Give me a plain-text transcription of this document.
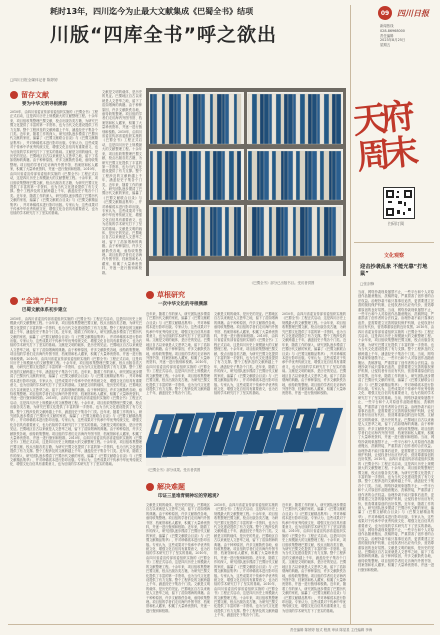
耗时13年，四川迄今为止最大文献集成《巴蜀全书》结项
川版“四库全书”呼之欲出
□四川日报全媒体记者 陈婷婷
09 四川日报
新闻热线
028-86968000
责任编辑
2023年8月25日
星期五
天府周末
扫码订阅
文化观察
迎击抄袭乱象 不能光靠“打地鼠”
□张剑锋
当前，网络抄袭现象屡禁不止，一些平台和个人对原创作品随意搬运、洗稿拼接，严重损害了创作者的合法权益。治理抄袭不能只靠事后追责，更需要建立完善的版权保护机制，让侵权者付出应有代价，营造尊重原创的良好氛围。当前，网络抄袭现象屡禁不止，一些平台和个人对原创作品随意搬运、洗稿拼接，严重损害了创作者的合法权益。治理抄袭不能只靠事后追责，更需要建立完善的版权保护机制，让侵权者付出应有代价，营造尊重原创的良好氛围。2010年，由四川省委宣传部省委组织实施的《巴蜀全书》工程正式启动，这是四川历史上规模最大的文献整理工程。十余年来，项目组收集整理巴蜀文献，校点出版各类古籍，为研究巴蜀文化提供了丰富的第一手资料，也为当代文化建设提供了有力支撑。整个工程涉及的文献跨越上千年，涵盖经史子集各个门类。当前，网络抄袭现象屡禁不止，一些平台和个人对原创作品随意搬运、洗稿拼接，严重损害了创作者的合法权益。治理抄袭不能只靠事后追责，更需要建立完善的版权保护机制，让侵权者付出应有代价，营造尊重原创的良好氛围。近年来，随着工作的深入，研究团队逐步摸清了巴蜀历代文献的家底，编纂了《巴蜀文献联合目录》与《巴蜀文献精品集萃》，并对珍稀孤本进行影印出版。专家认为，这些成果对于传承中华优秀传统文化、增强文化自信具有重要意义，也为后续的学术研究打下了坚实的基础。当前，网络抄袭现象屡禁不止，一些平台和个人对原创作品随意搬运、洗稿拼接，严重损害了创作者的合法权益。治理抄袭不能只靠事后追责，更需要建立完善的版权保护机制，让侵权者付出应有代价，营造尊重原创的良好氛围。文献是文明的载体，是历史的见证。巴蜀地区自古以来就是人文荟萃之地，留下了浩如烟海的典籍。由于种种原因，许多文献散佚各地，亟待收集整理。项目组的学者们走访海内外图书馆、档案馆和私人藏家，积累了大量珍贵资料，并逐一进行甄别和校勘。当前，网络抄袭现象屡禁不止，一些平台和个人对原创作品随意搬运、洗稿拼接，严重损害了创作者的合法权益。治理抄袭不能只靠事后追责，更需要建立完善的版权保护机制，让侵权者付出应有代价，营造尊重原创的良好氛围。2010年，由四川省委宣传部省委组织实施的《巴蜀全书》工程正式启动，这是四川历史上规模最大的文献整理工程。十余年来，项目组收集整理巴蜀文献，校点出版各类古籍，为研究巴蜀文化提供了丰富的第一手资料，也为当代文化建设提供了有力支撑。整个工程涉及的文献跨越上千年，涵盖经史子集各个门类。当前，网络抄袭现象屡禁不止，一些平台和个人对原创作品随意搬运、洗稿拼接，严重损害了创作者的合法权益。治理抄袭不能只靠事后追责，更需要建立完善的版权保护机制，让侵权者付出应有代价，营造尊重原创的良好氛围。近年来，随着工作的深入，研究团队逐步摸清了巴蜀历代文献的家底，编纂了《巴蜀文献联合目录》与《巴蜀文献精品集萃》，并对珍稀孤本进行影印出版。专家认为，这些成果对于传承中华优秀传统文化、增强文化自信具有重要意义，也为后续的学术研究打下了坚实的基础。当前，网络抄袭现象屡禁不止，一些平台和个人对原创作品随意搬运、洗稿拼接，严重损害了创作者的合法权益。治理抄袭不能只靠事后追责，更需要建立完善的版权保护机制，让侵权者付出应有代价，营造尊重原创的良好氛围。文献是文明的载体，是历史的见证。巴蜀地区自古以来就是人文荟萃之地，留下了浩如烟海的典籍。由于种种原因，许多文献散佚各地，亟待收集整理。项目组的学者们走访海内外图书馆、档案馆和私人藏家，积累了大量珍贵资料，并逐一进行甄别和校勘。
留存文献
要为中华文明寻根溯源
2010年，由四川省委宣传部省委组织实施的《巴蜀全书》工程正式启动，这是四川历史上规模最大的文献整理工程。十余年来，项目组收集整理巴蜀文献，校点出版各类古籍，为研究巴蜀文化提供了丰富的第一手资料，也为当代文化建设提供了有力支撑。整个工程涉及的文献跨越上千年，涵盖经史子集各个门类。近年来，随着工作的深入，研究团队逐步摸清了巴蜀历代文献的家底，编纂了《巴蜀文献联合目录》与《巴蜀文献精品集萃》，并对珍稀孤本进行影印出版。专家认为，这些成果对于传承中华优秀传统文化、增强文化自信具有重要意义，也为后续的学术研究打下了坚实的基础。文献是文明的载体，是历史的见证。巴蜀地区自古以来就是人文荟萃之地，留下了浩如烟海的典籍。由于种种原因，许多文献散佚各地，亟待收集整理。项目组的学者们走访海内外图书馆、档案馆和私人藏家，积累了大量珍贵资料，并逐一进行甄别和校勘。2010年，由四川省委宣传部省委组织实施的《巴蜀全书》工程正式启动，这是四川历史上规模最大的文献整理工程。十余年来，项目组收集整理巴蜀文献，校点出版各类古籍，为研究巴蜀文化提供了丰富的第一手资料，也为当代文化建设提供了有力支撑。整个工程涉及的文献跨越上千年，涵盖经史子集各个门类。近年来，随着工作的深入，研究团队逐步摸清了巴蜀历代文献的家底，编纂了《巴蜀文献联合目录》与《巴蜀文献精品集萃》，并对珍稀孤本进行影印出版。专家认为，这些成果对于传承中华优秀传统文化、增强文化自信具有重要意义，也为后续的学术研究打下了坚实的基础。
文献是文明的载体，是历史的见证。巴蜀地区自古以来就是人文荟萃之地，留下了浩如烟海的典籍。由于种种原因，许多文献散佚各地，亟待收集整理。项目组的学者们走访海内外图书馆、档案馆和私人藏家，积累了大量珍贵资料，并逐一进行甄别和校勘。2010年，由四川省委宣传部省委组织实施的《巴蜀全书》工程正式启动，这是四川历史上规模最大的文献整理工程。十余年来，项目组收集整理巴蜀文献，校点出版各类古籍，为研究巴蜀文化提供了丰富的第一手资料，也为当代文化建设提供了有力支撑。整个工程涉及的文献跨越上千年，涵盖经史子集各个门类。近年来，随着工作的深入，研究团队逐步摸清了巴蜀历代文献的家底，编纂了《巴蜀文献联合目录》与《巴蜀文献精品集萃》，并对珍稀孤本进行影印出版。专家认为，这些成果对于传承中华优秀传统文化、增强文化自信具有重要意义，也为后续的学术研究打下了坚实的基础。文献是文明的载体，是历史的见证。巴蜀地区自古以来就是人文荟萃之地，留下了浩如烟海的典籍。由于种种原因，许多文献散佚各地，亟待收集整理。项目组的学者们走访海内外图书馆、档案馆和私人藏家，积累了大量珍贵资料，并逐一进行甄别和校勘。
《巴蜀全书》部分已出版书目。受访者供图
草根研究
一次中华文化的寻根溯源
近年来，随着工作的深入，研究团队逐步摸清了巴蜀历代文献的家底，编纂了《巴蜀文献联合目录》与《巴蜀文献精品集萃》，并对珍稀孤本进行影印出版。专家认为，这些成果对于传承中华优秀传统文化、增强文化自信具有重要意义，也为后续的学术研究打下了坚实的基础。文献是文明的载体，是历史的见证。巴蜀地区自古以来就是人文荟萃之地，留下了浩如烟海的典籍。由于种种原因，许多文献散佚各地，亟待收集整理。项目组的学者们走访海内外图书馆、档案馆和私人藏家，积累了大量珍贵资料，并逐一进行甄别和校勘。2010年，由四川省委宣传部省委组织实施的《巴蜀全书》工程正式启动，这是四川历史上规模最大的文献整理工程。十余年来，项目组收集整理巴蜀文献，校点出版各类古籍，为研究巴蜀文化提供了丰富的第一手资料，也为当代文化建设提供了有力支撑。整个工程涉及的文献跨越上千年，涵盖经史子集各个门类。
文献是文明的载体，是历史的见证。巴蜀地区自古以来就是人文荟萃之地，留下了浩如烟海的典籍。由于种种原因，许多文献散佚各地，亟待收集整理。项目组的学者们走访海内外图书馆、档案馆和私人藏家，积累了大量珍贵资料，并逐一进行甄别和校勘。2010年，由四川省委宣传部省委组织实施的《巴蜀全书》工程正式启动，这是四川历史上规模最大的文献整理工程。十余年来，项目组收集整理巴蜀文献，校点出版各类古籍，为研究巴蜀文化提供了丰富的第一手资料，也为当代文化建设提供了有力支撑。整个工程涉及的文献跨越上千年，涵盖经史子集各个门类。近年来，随着工作的深入，研究团队逐步摸清了巴蜀历代文献的家底，编纂了《巴蜀文献联合目录》与《巴蜀文献精品集萃》，并对珍稀孤本进行影印出版。专家认为，这些成果对于传承中华优秀传统文化、增强文化自信具有重要意义，也为后续的学术研究打下了坚实的基础。
2010年，由四川省委宣传部省委组织实施的《巴蜀全书》工程正式启动，这是四川历史上规模最大的文献整理工程。十余年来，项目组收集整理巴蜀文献，校点出版各类古籍，为研究巴蜀文化提供了丰富的第一手资料，也为当代文化建设提供了有力支撑。整个工程涉及的文献跨越上千年，涵盖经史子集各个门类。近年来，随着工作的深入，研究团队逐步摸清了巴蜀历代文献的家底，编纂了《巴蜀文献联合目录》与《巴蜀文献精品集萃》，并对珍稀孤本进行影印出版。专家认为，这些成果对于传承中华优秀传统文化、增强文化自信具有重要意义，也为后续的学术研究打下了坚实的基础。文献是文明的载体，是历史的见证。巴蜀地区自古以来就是人文荟萃之地，留下了浩如烟海的典籍。由于种种原因，许多文献散佚各地，亟待收集整理。项目组的学者们走访海内外图书馆、档案馆和私人藏家，积累了大量珍贵资料，并逐一进行甄别和校勘。
“金读”户口
巴蜀文献体系初步建立
2010年，由四川省委宣传部省委组织实施的《巴蜀全书》工程正式启动，这是四川历史上规模最大的文献整理工程。十余年来，项目组收集整理巴蜀文献，校点出版各类古籍，为研究巴蜀文化提供了丰富的第一手资料，也为当代文化建设提供了有力支撑。整个工程涉及的文献跨越上千年，涵盖经史子集各个门类。近年来，随着工作的深入，研究团队逐步摸清了巴蜀历代文献的家底，编纂了《巴蜀文献联合目录》与《巴蜀文献精品集萃》，并对珍稀孤本进行影印出版。专家认为，这些成果对于传承中华优秀传统文化、增强文化自信具有重要意义，也为后续的学术研究打下了坚实的基础。文献是文明的载体，是历史的见证。巴蜀地区自古以来就是人文荟萃之地，留下了浩如烟海的典籍。由于种种原因，许多文献散佚各地，亟待收集整理。项目组的学者们走访海内外图书馆、档案馆和私人藏家，积累了大量珍贵资料，并逐一进行甄别和校勘。2010年，由四川省委宣传部省委组织实施的《巴蜀全书》工程正式启动，这是四川历史上规模最大的文献整理工程。十余年来，项目组收集整理巴蜀文献，校点出版各类古籍，为研究巴蜀文化提供了丰富的第一手资料，也为当代文化建设提供了有力支撑。整个工程涉及的文献跨越上千年，涵盖经史子集各个门类。近年来，随着工作的深入，研究团队逐步摸清了巴蜀历代文献的家底，编纂了《巴蜀文献联合目录》与《巴蜀文献精品集萃》，并对珍稀孤本进行影印出版。专家认为，这些成果对于传承中华优秀传统文化、增强文化自信具有重要意义，也为后续的学术研究打下了坚实的基础。文献是文明的载体，是历史的见证。巴蜀地区自古以来就是人文荟萃之地，留下了浩如烟海的典籍。由于种种原因，许多文献散佚各地，亟待收集整理。项目组的学者们走访海内外图书馆、档案馆和私人藏家，积累了大量珍贵资料，并逐一进行甄别和校勘。2010年，由四川省委宣传部省委组织实施的《巴蜀全书》工程正式启动，这是四川历史上规模最大的文献整理工程。十余年来，项目组收集整理巴蜀文献，校点出版各类古籍，为研究巴蜀文化提供了丰富的第一手资料，也为当代文化建设提供了有力支撑。整个工程涉及的文献跨越上千年，涵盖经史子集各个门类。近年来，随着工作的深入，研究团队逐步摸清了巴蜀历代文献的家底，编纂了《巴蜀文献联合目录》与《巴蜀文献精品集萃》，并对珍稀孤本进行影印出版。专家认为，这些成果对于传承中华优秀传统文化、增强文化自信具有重要意义，也为后续的学术研究打下了坚实的基础。文献是文明的载体，是历史的见证。巴蜀地区自古以来就是人文荟萃之地，留下了浩如烟海的典籍。由于种种原因，许多文献散佚各地，亟待收集整理。项目组的学者们走访海内外图书馆、档案馆和私人藏家，积累了大量珍贵资料，并逐一进行甄别和校勘。2010年，由四川省委宣传部省委组织实施的《巴蜀全书》工程正式启动，这是四川历史上规模最大的文献整理工程。十余年来，项目组收集整理巴蜀文献，校点出版各类古籍，为研究巴蜀文化提供了丰富的第一手资料，也为当代文化建设提供了有力支撑。整个工程涉及的文献跨越上千年，涵盖经史子集各个门类。近年来，随着工作的深入，研究团队逐步摸清了巴蜀历代文献的家底，编纂了《巴蜀文献联合目录》与《巴蜀文献精品集萃》，并对珍稀孤本进行影印出版。专家认为，这些成果对于传承中华优秀传统文化、增强文化自信具有重要意义，也为后续的学术研究打下了坚实的基础。
《巴蜀全书》部分成果。受访者供图
解决难题
印证三星堆青铜神坛的穿越观?
文献是文明的载体，是历史的见证。巴蜀地区自古以来就是人文荟萃之地，留下了浩如烟海的典籍。由于种种原因，许多文献散佚各地，亟待收集整理。项目组的学者们走访海内外图书馆、档案馆和私人藏家，积累了大量珍贵资料，并逐一进行甄别和校勘。近年来，随着工作的深入，研究团队逐步摸清了巴蜀历代文献的家底，编纂了《巴蜀文献联合目录》与《巴蜀文献精品集萃》，并对珍稀孤本进行影印出版。专家认为，这些成果对于传承中华优秀传统文化、增强文化自信具有重要意义，也为后续的学术研究打下了坚实的基础。2010年，由四川省委宣传部省委组织实施的《巴蜀全书》工程正式启动，这是四川历史上规模最大的文献整理工程。十余年来，项目组收集整理巴蜀文献，校点出版各类古籍，为研究巴蜀文化提供了丰富的第一手资料，也为当代文化建设提供了有力支撑。整个工程涉及的文献跨越上千年，涵盖经史子集各个门类。文献是文明的载体，是历史的见证。巴蜀地区自古以来就是人文荟萃之地，留下了浩如烟海的典籍。由于种种原因，许多文献散佚各地，亟待收集整理。项目组的学者们走访海内外图书馆、档案馆和私人藏家，积累了大量珍贵资料，并逐一进行甄别和校勘。
2010年，由四川省委宣传部省委组织实施的《巴蜀全书》工程正式启动，这是四川历史上规模最大的文献整理工程。十余年来，项目组收集整理巴蜀文献，校点出版各类古籍，为研究巴蜀文化提供了丰富的第一手资料，也为当代文化建设提供了有力支撑。整个工程涉及的文献跨越上千年，涵盖经史子集各个门类。文献是文明的载体，是历史的见证。巴蜀地区自古以来就是人文荟萃之地，留下了浩如烟海的典籍。由于种种原因，许多文献散佚各地，亟待收集整理。项目组的学者们走访海内外图书馆、档案馆和私人藏家，积累了大量珍贵资料，并逐一进行甄别和校勘。近年来，随着工作的深入，研究团队逐步摸清了巴蜀历代文献的家底，编纂了《巴蜀文献联合目录》与《巴蜀文献精品集萃》，并对珍稀孤本进行影印出版。专家认为，这些成果对于传承中华优秀传统文化、增强文化自信具有重要意义，也为后续的学术研究打下了坚实的基础。2010年，由四川省委宣传部省委组织实施的《巴蜀全书》工程正式启动，这是四川历史上规模最大的文献整理工程。十余年来，项目组收集整理巴蜀文献，校点出版各类古籍，为研究巴蜀文化提供了丰富的第一手资料，也为当代文化建设提供了有力支撑。整个工程涉及的文献跨越上千年，涵盖经史子集各个门类。
近年来，随着工作的深入，研究团队逐步摸清了巴蜀历代文献的家底，编纂了《巴蜀文献联合目录》与《巴蜀文献精品集萃》，并对珍稀孤本进行影印出版。专家认为，这些成果对于传承中华优秀传统文化、增强文化自信具有重要意义，也为后续的学术研究打下了坚实的基础。2010年，由四川省委宣传部省委组织实施的《巴蜀全书》工程正式启动，这是四川历史上规模最大的文献整理工程。十余年来，项目组收集整理巴蜀文献，校点出版各类古籍，为研究巴蜀文化提供了丰富的第一手资料，也为当代文化建设提供了有力支撑。整个工程涉及的文献跨越上千年，涵盖经史子集各个门类。文献是文明的载体，是历史的见证。巴蜀地区自古以来就是人文荟萃之地，留下了浩如烟海的典籍。由于种种原因，许多文献散佚各地，亟待收集整理。项目组的学者们走访海内外图书馆、档案馆和私人藏家，积累了大量珍贵资料，并逐一进行甄别和校勘。近年来，随着工作的深入，研究团队逐步摸清了巴蜀历代文献的家底，编纂了《巴蜀文献联合目录》与《巴蜀文献精品集萃》，并对珍稀孤本进行影印出版。专家认为，这些成果对于传承中华优秀传统文化、增强文化自信具有重要意义，也为后续的学术研究打下了坚实的基础。
责任编辑 陈婷婷 版式 程燕 审读 陈星星 主任编辑 李海
